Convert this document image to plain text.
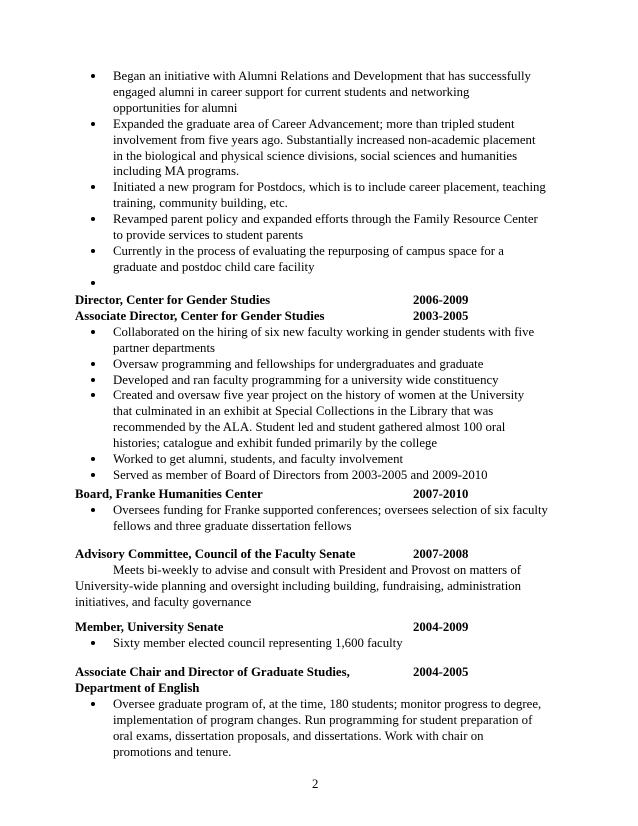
Began an initiative with Alumni Relations and Development that has successfully
engaged alumni in career support for current students and networking
opportunities for alumni
Expanded the graduate area of Career Advancement; more than tripled student
involvement from five years ago. Substantially increased non-academic placement
in the biological and physical science divisions, social sciences and humanities
including MA programs.
Initiated a new program for Postdocs, which is to include career placement, teaching
training, community building, etc.
Revamped parent policy and expanded efforts through the Family Resource Center
to provide services to student parents
Currently in the process of evaluating the repurposing of campus space for a
graduate and postdoc child care facility
Director, Center for Gender Studies	2006-2009
Associate Director, Center for Gender Studies	2003-2005
Collaborated on the hiring of six new faculty working in gender students with five
partner departments
Oversaw programming and fellowships for undergraduates and graduate
Developed and ran faculty programming for a university wide constituency
Created and oversaw five year project on the history of women at the University
that culminated in an exhibit at Special Collections in the Library that was
recommended by the ALA. Student led and student gathered almost 100 oral
histories; catalogue and exhibit funded primarily by the college
Worked to get alumni, students, and faculty involvement
Served as member of Board of Directors from 2003-2005 and 2009-2010
Board, Franke Humanities Center	2007-2010
Oversees funding for Franke supported conferences; oversees selection of six faculty
fellows and three graduate dissertation fellows
Advisory Committee, Council of the Faculty Senate	2007-2008
Meets bi-weekly to advise and consult with President and Provost on matters of
University-wide planning and oversight including building, fundraising, administration
initiatives, and faculty governance
Member, University Senate	2004-2009
Sixty member elected council representing 1,600 faculty
Associate Chair and Director of Graduate Studies,	2004-2005
Department of English
Oversee graduate program of, at the time, 180 students; monitor progress to degree,
implementation of program changes. Run programming for student preparation of
oral exams, dissertation proposals, and dissertations. Work with chair on
promotions and tenure.
2
